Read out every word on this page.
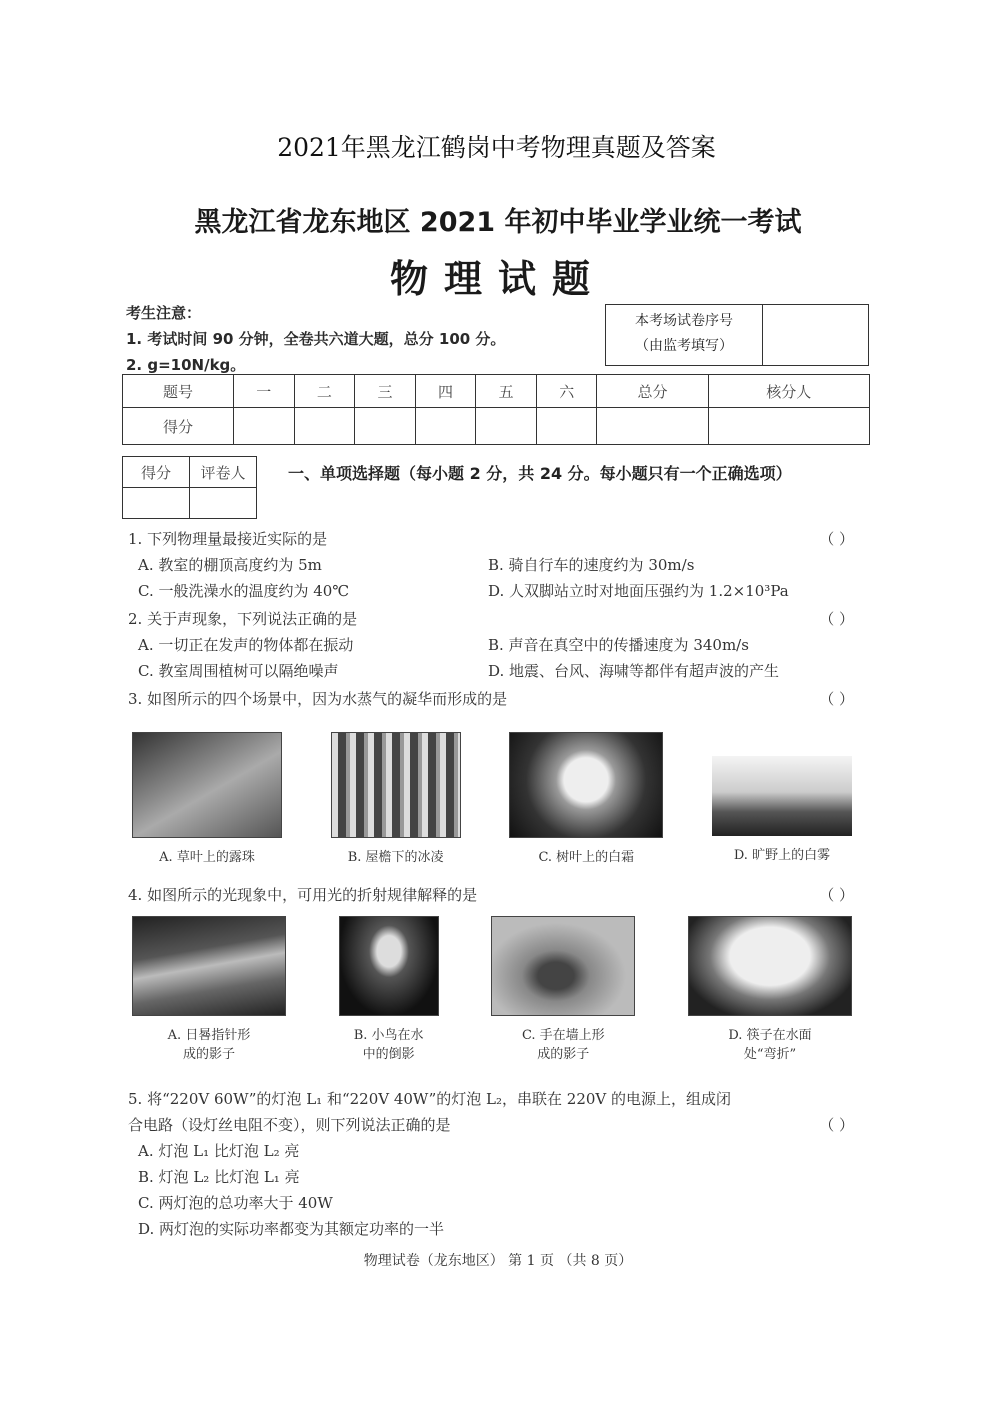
2021年黑龙江鹤岗中考物理真题及答案
黑龙江省龙东地区 2021 年初中毕业学业统一考试
物理试题
考生注意：
1. 考试时间 90 分钟，全卷共六道大题，总分 100 分。
2. g=10N/kg。
本考场试卷序号
（由监考填写）
题号	一	二	三	四	五	六	总分	核分人
得分								
得分	评卷人
		一、单项选择题（每小题 2 分，共 24 分。每小题只有一个正确选项）
1. 下列物理量最接近实际的是	（ ）
A. 教室的棚顶高度约为 5m	B. 骑自行车的速度约为 30m/s
C. 一般洗澡水的温度约为 40℃	D. 人双脚站立时对地面压强约为 1.2×10³Pa
2. 关于声现象，下列说法正确的是	（ ）
A. 一切正在发声的物体都在振动	B. 声音在真空中的传播速度为 340m/s
C. 教室周围植树可以隔绝噪声	D. 地震、台风、海啸等都伴有超声波的产生
3. 如图所示的四个场景中，因为水蒸气的凝华而形成的是	（ ）
A. 草叶上的露珠	B. 屋檐下的冰凌	C. 树叶上的白霜	D. 旷野上的白雾
4. 如图所示的光现象中，可用光的折射规律解释的是	（ ）
A. 日晷指针形
成的影子
B. 小鸟在水
中的倒影
C. 手在墙上形
成的影子
D. 筷子在水面
处“弯折”
5. 将“220V 60W”的灯泡 L₁ 和“220V 40W”的灯泡 L₂，串联在 220V 的电源上，组成闭
合电路（设灯丝电阻不变），则下列说法正确的是	（ ）
A. 灯泡 L₁ 比灯泡 L₂ 亮
B. 灯泡 L₂ 比灯泡 L₁ 亮
C. 两灯泡的总功率大于 40W
D. 两灯泡的实际功率都变为其额定功率的一半
物理试卷（龙东地区） 第 1 页 （共 8 页）
